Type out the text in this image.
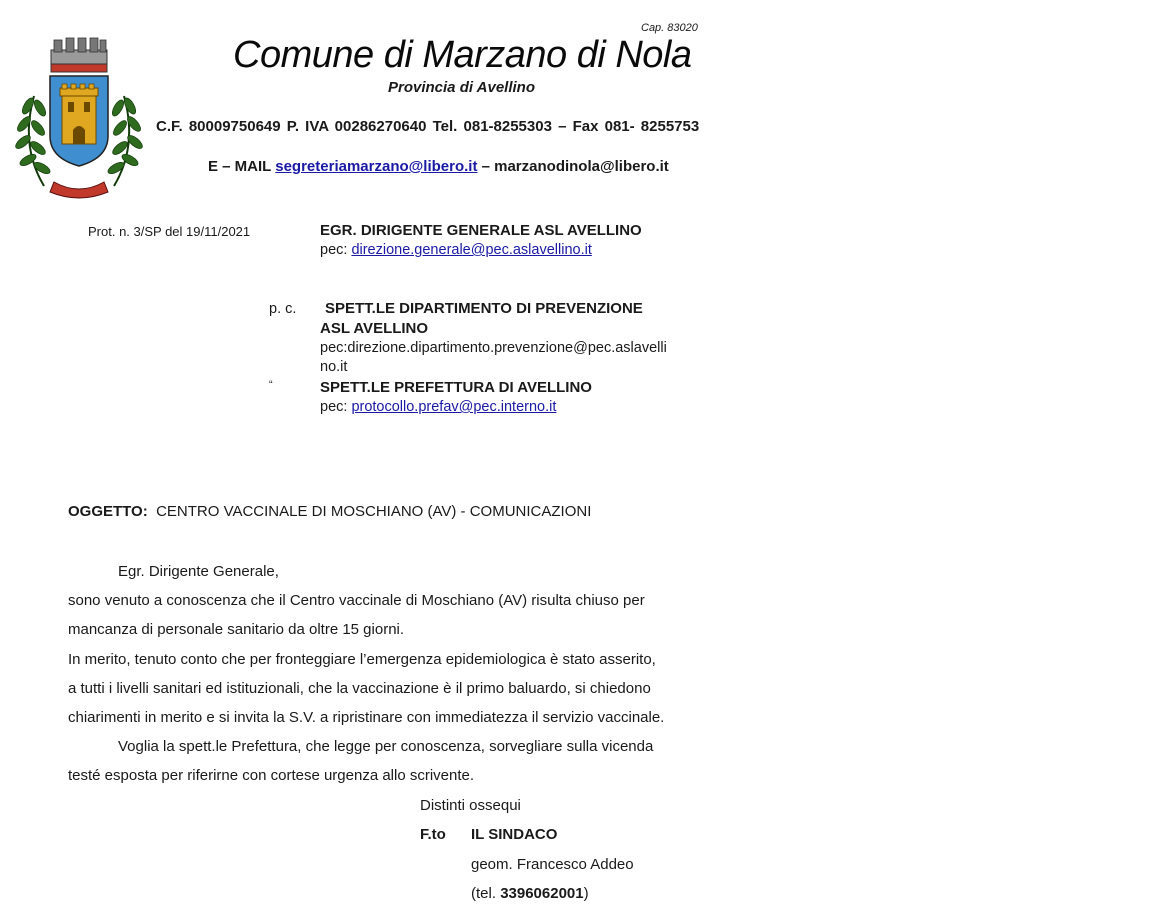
Cap. 83020
Comune di Marzano di Nola
Provincia di Avellino
C.F. 80009750649 P. IVA 00286270640 Tel. 081-8255303 – Fax 081- 8255753
E – MAIL segreteriamarzano@libero.it – marzanodinola@libero.it
Prot. n. 3/SP del 19/11/2021	EGR. DIRIGENTE GENERALE ASL AVELLINO
pec: direzione.generale@pec.aslavellino.it
p. c. SPETT.LE DIPARTIMENTO DI PREVENZIONE
ASL AVELLINO
pec:direzione.dipartimento.prevenzione@pec.aslavelli
no.it
“	SPETT.LE PREFETTURA DI AVELLINO
pec: protocollo.prefav@pec.interno.it
OGGETTO: CENTRO VACCINALE DI MOSCHIANO (AV) - COMUNICAZIONI
Egr. Dirigente Generale,
sono venuto a conoscenza che il Centro vaccinale di Moschiano (AV) risulta chiuso per
mancanza di personale sanitario da oltre 15 giorni.
In merito, tenuto conto che per fronteggiare l’emergenza epidemiologica è stato asserito,
a tutti i livelli sanitari ed istituzionali, che la vaccinazione è il primo baluardo, si chiedono
chiarimenti in merito e si invita la S.V. a ripristinare con immediatezza il servizio vaccinale.
Voglia la spett.le Prefettura, che legge per conoscenza, sorvegliare sulla vicenda
testé esposta per riferirne con cortese urgenza allo scrivente.
Distinti ossequi
F.to IL SINDACO
geom. Francesco Addeo
(tel. 3396062001)
